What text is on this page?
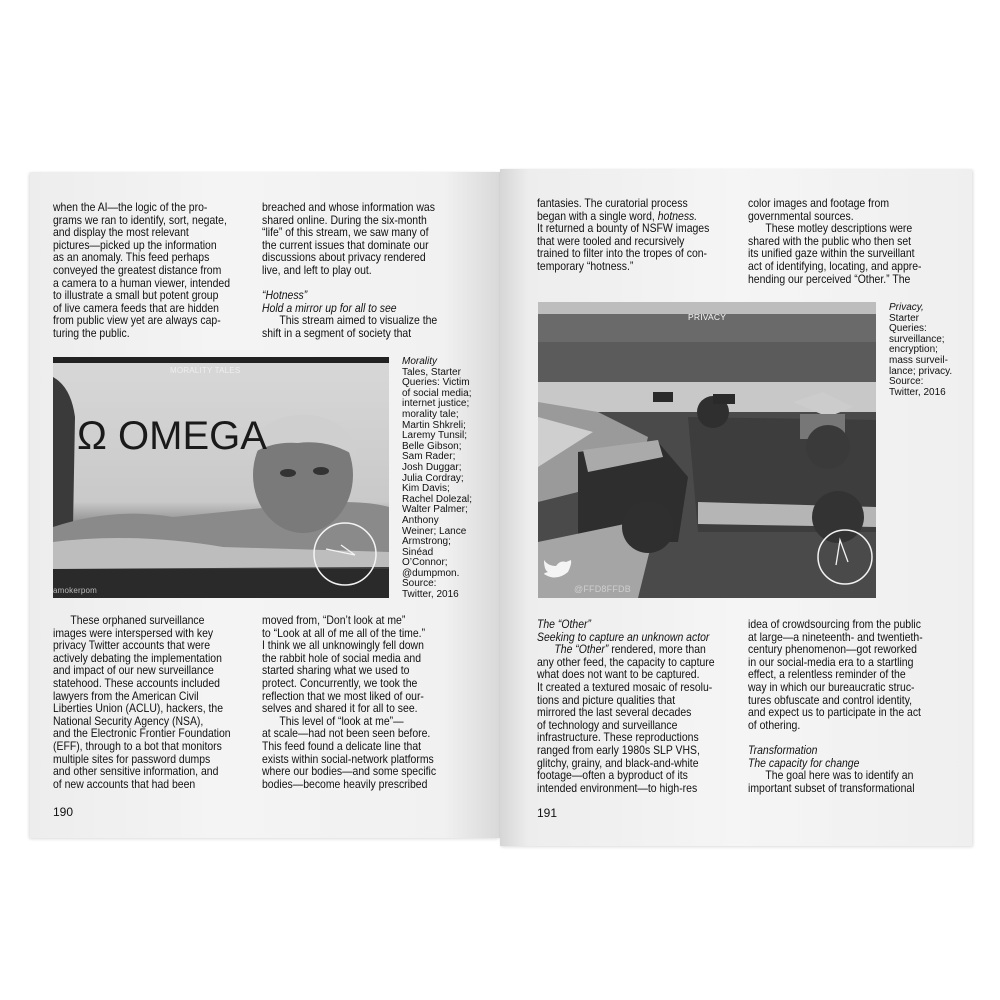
when the AI—the logic of the pro-
grams we ran to identify, sort, negate,
and display the most relevant
pictures—picked up the information
as an anomaly. This feed perhaps
conveyed the greatest distance from
a camera to a human viewer, intended
to illustrate a small but potent group
of live camera feeds that are hidden
from public view yet are always cap-
turing the public.
breached and whose information was
shared online. During the six-month
“life” of this stream, we saw many of
the current issues that dominate our
discussions about privacy rendered
live, and left to play out.
“Hotness”
Hold a mirror up for all to see
This stream aimed to visualize the
shift in a segment of society that
Ω OMEGA
MORALITY TALES
amokerpom
Morality
Tales, Starter
Queries: Victim
of social media;
internet justice;
morality tale;
Martin Shkreli;
Laremy Tunsil;
Belle Gibson;
Sam Rader;
Josh Duggar;
Julia Cordray;
Kim Davis;
Rachel Dolezal;
Walter Palmer;
Anthony
Weiner; Lance
Armstrong;
Sinéad
O’Connor;
@dumpmon.
Source:
Twitter, 2016
These orphaned surveillance
images were interspersed with key
privacy Twitter accounts that were
actively debating the implementation
and impact of our new surveillance
statehood. These accounts included
lawyers from the American Civil
Liberties Union (ACLU), hackers, the
National Security Agency (NSA),
and the Electronic Frontier Foundation
(EFF), through to a bot that monitors
multiple sites for password dumps
and other sensitive information, and
of new accounts that had been
moved from, “Don’t look at me”
to “Look at all of me all of the time.”
I think we all unknowingly fell down
the rabbit hole of social media and
started sharing what we used to
protect. Concurrently, we took the
reflection that we most liked of our-
selves and shared it for all to see.
This level of “look at me”—
at scale—had not been seen before.
This feed found a delicate line that
exists within social-network platforms
where our bodies—and some specific
bodies—become heavily prescribed
190
fantasies. The curatorial process
began with a single word, hotness.
It returned a bounty of NSFW images
that were tooled and recursively
trained to filter into the tropes of con-
temporary “hotness.”
color images and footage from
governmental sources.
These motley descriptions were
shared with the public who then set
its unified gaze within the surveillant
act of identifying, locating, and appre-
hending our perceived “Other.” The
PRIVACY
@FFD8FFDB
Privacy,
Starter
Queries:
surveillance;
encryption;
mass surveil-
lance; privacy.
Source:
Twitter, 2016
The “Other”
Seeking to capture an unknown actor
The “Other” rendered, more than
any other feed, the capacity to capture
what does not want to be captured.
It created a textured mosaic of resolu-
tions and picture qualities that
mirrored the last several decades
of technology and surveillance
infrastructure. These reproductions
ranged from early 1980s SLP VHS,
glitchy, grainy, and black-and-white
footage—often a byproduct of its
intended environment—to high-res
idea of crowdsourcing from the public
at large—a nineteenth- and twentieth-
century phenomenon—got reworked
in our social-media era to a startling
effect, a relentless reminder of the
way in which our bureaucratic struc-
tures obfuscate and control identity,
and expect us to participate in the act
of othering.
Transformation
The capacity for change
The goal here was to identify an
important subset of transformational
191
